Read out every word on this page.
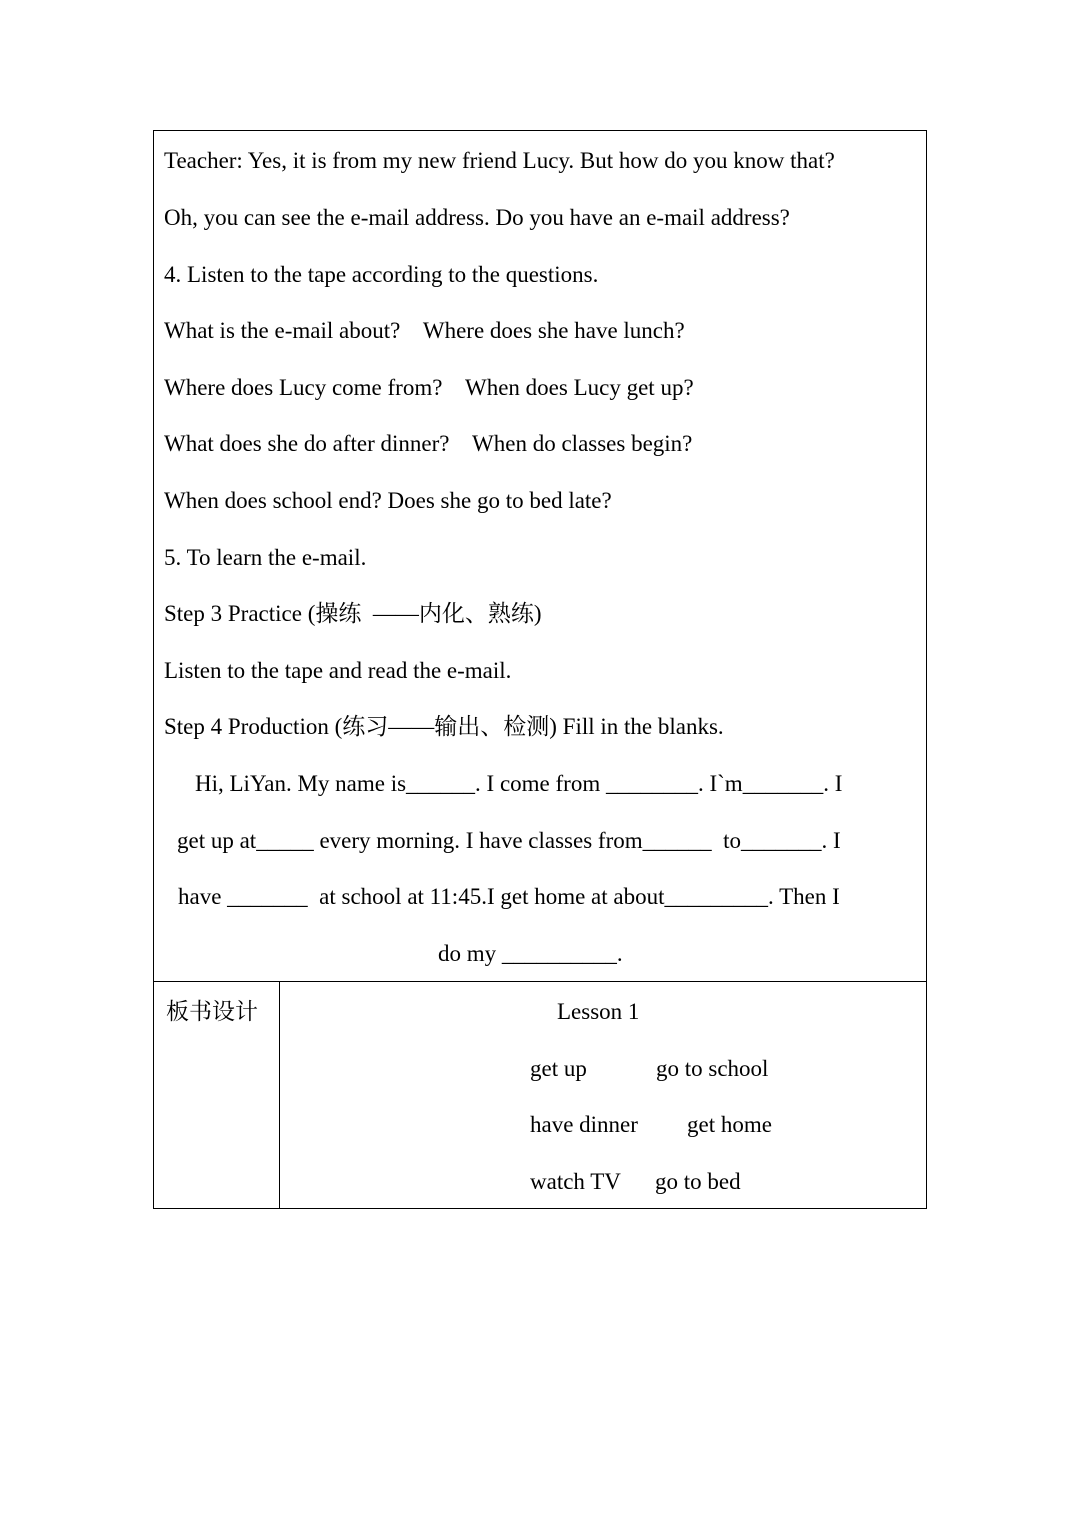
Teacher: Yes, it is from my new friend Lucy. But how do you know that?
Oh, you can see the e-mail address. Do you have an e-mail address?
4. Listen to the tape according to the questions.
What is the e-mail about?    Where does she have lunch?
Where does Lucy come from?    When does Lucy get up?
What does she do after dinner?    When do classes begin?
When does school end? Does she go to bed late?
5. To learn the e-mail.
Step 3 Practice (操练  ——内化、熟练)
Listen to the tape and read the e-mail.
Step 4 Production (练习——输出、检测) Fill in the blanks.
Hi, LiYan. My name is______. I come from ________. I`m_______. I
get up at_____ every morning. I have classes from______  to_______. I
have _______  at school at 11:45.I get home at about_________. Then I
do my __________.
板书设计	Lesson 1
get up	go to school
have dinner get home
watch TV go to bed
